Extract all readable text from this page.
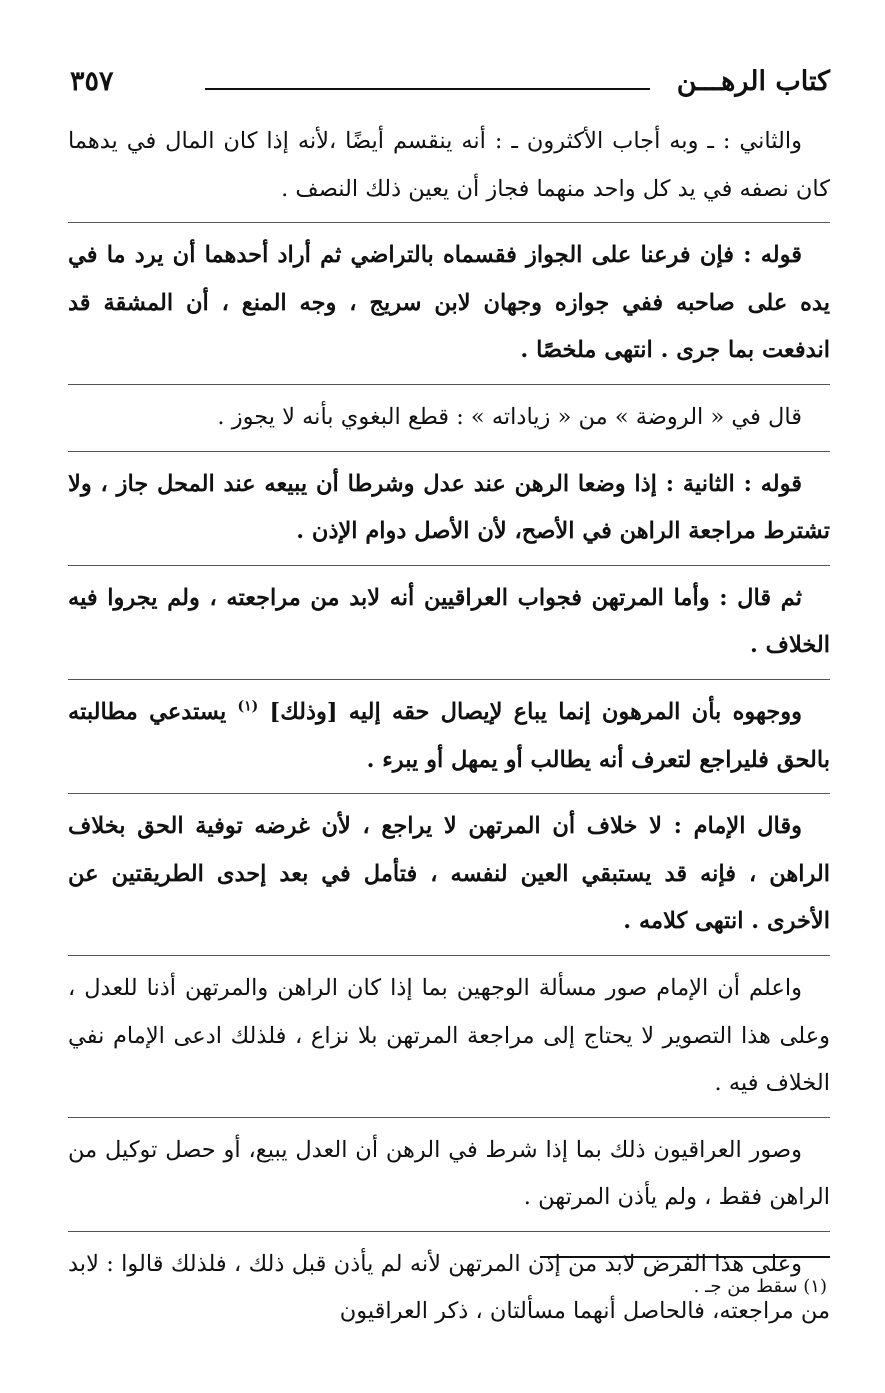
كتاب الرهـــن
٣٥٧

والثاني : ـ وبه أجاب الأكثرون ـ : أنه ينقسم أيضًا ،لأنه إذا كان المال في يدهما كان نصفه في يد كل واحد منهما فجاز أن يعين ذلك النصف .

قوله : فإن فرعنا على الجواز فقسماه بالتراضي ثم أراد أحدهما أن يرد ما في يده على صاحبه ففي جوازه وجهان لابن سريج ، وجه المنع ، أن المشقة قد اندفعت بما جرى . انتهى ملخصًا .

قال في « الروضة » من « زياداته » : قطع البغوي بأنه لا يجوز .

قوله : الثانية : إذا وضعا الرهن عند عدل وشرطا أن يبيعه عند المحل جاز ، ولا تشترط مراجعة الراهن في الأصح، لأن الأصل دوام الإذن .

ثم قال : وأما المرتهن فجواب العراقيين أنه لابد من مراجعته ، ولم يجروا فيه الخلاف .

ووجهوه بأن المرهون إنما يباع لإيصال حقه إليه [وذلك] $^{(١)}$ يستدعي مطالبته بالحق فليراجع لتعرف أنه يطالب أو يمهل أو يبرء .

وقال الإمام : لا خلاف أن المرتهن لا يراجع ، لأن غرضه توفية الحق بخلاف الراهن ، فإنه قد يستبقي العين لنفسه ، فتأمل في بعد إحدى الطريقتين عن الأخرى . انتهى كلامه .

واعلم أن الإمام صور مسألة الوجهين بما إذا كان الراهن والمرتهن أذنا للعدل ، وعلى هذا التصوير لا يحتاج إلى مراجعة المرتهن بلا نزاع ، فلذلك ادعى الإمام نفي الخلاف فيه .

وصور العراقيون ذلك بما إذا شرط في الرهن أن العدل يبيع، أو حصل توكيل من الراهن فقط ، ولم يأذن المرتهن .

وعلى هذا الفرض لابد من إذن المرتهن لأنه لم يأذن قبل ذلك ، فلذلك قالوا : لابد من مراجعته، فالحاصل أنهما مسألتان ، ذكر العراقيون

(١) سقط من جـ .
